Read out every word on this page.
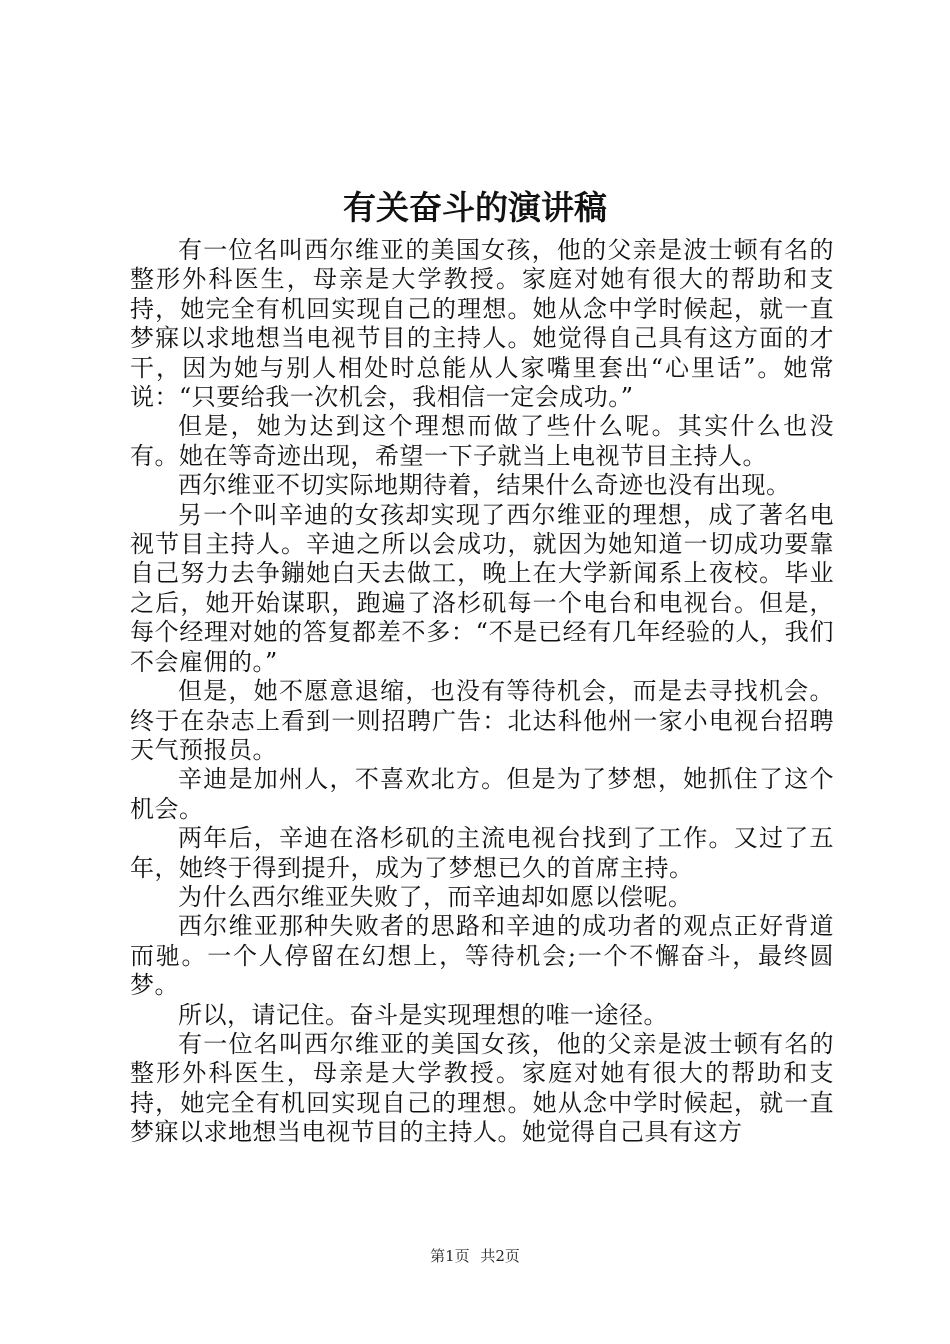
有关奋斗的演讲稿

有一位名叫西尔维亚的美国女孩，他的父亲是波士顿有名的整形外科医生，母亲是大学教授。家庭对她有很大的帮助和支持，她完全有机回实现自己的理想。她从念中学时候起，就一直梦寐以求地想当电视节目的主持人。她觉得自己具有这方面的才干，因为她与别人相处时总能从人家嘴里套出“心里话”。她常说：“只要给我一次机会，我相信一定会成功。”

但是，她为达到这个理想而做了些什么呢。其实什么也没有。她在等奇迹出现，希望一下子就当上电视节目主持人。

西尔维亚不切实际地期待着，结果什么奇迹也没有出现。

另一个叫辛迪的女孩却实现了西尔维亚的理想，成了著名电视节目主持人。辛迪之所以会成功，就因为她知道一切成功要靠自己努力去争鏰她白天去做工，晚上在大学新闻系上夜校。毕业之后，她开始谋职，跑遍了洛杉矶每一个电台和电视台。但是，每个经理对她的答复都差不多：“不是已经有几年经验的人，我们不会雇佣的。”

但是，她不愿意退缩，也没有等待机会，而是去寻找机会。终于在杂志上看到一则招聘广告：北达科他州一家小电视台招聘天气预报员。

辛迪是加州人，不喜欢北方。但是为了梦想，她抓住了这个机会。

两年后，辛迪在洛杉矶的主流电视台找到了工作。又过了五年，她终于得到提升，成为了梦想已久的首席主持。

为什么西尔维亚失败了，而辛迪却如愿以偿呢。

西尔维亚那种失败者的思路和辛迪的成功者的观点正好背道而驰。一个人停留在幻想上，等待机会;一个不懈奋斗，最终圆梦。

所以，请记住。奋斗是实现理想的唯一途径。

有一位名叫西尔维亚的美国女孩，他的父亲是波士顿有名的整形外科医生，母亲是大学教授。家庭对她有很大的帮助和支持，她完全有机回实现自己的理想。她从念中学时候起，就一直梦寐以求地想当电视节目的主持人。她觉得自己具有这方

第1页 共2页
